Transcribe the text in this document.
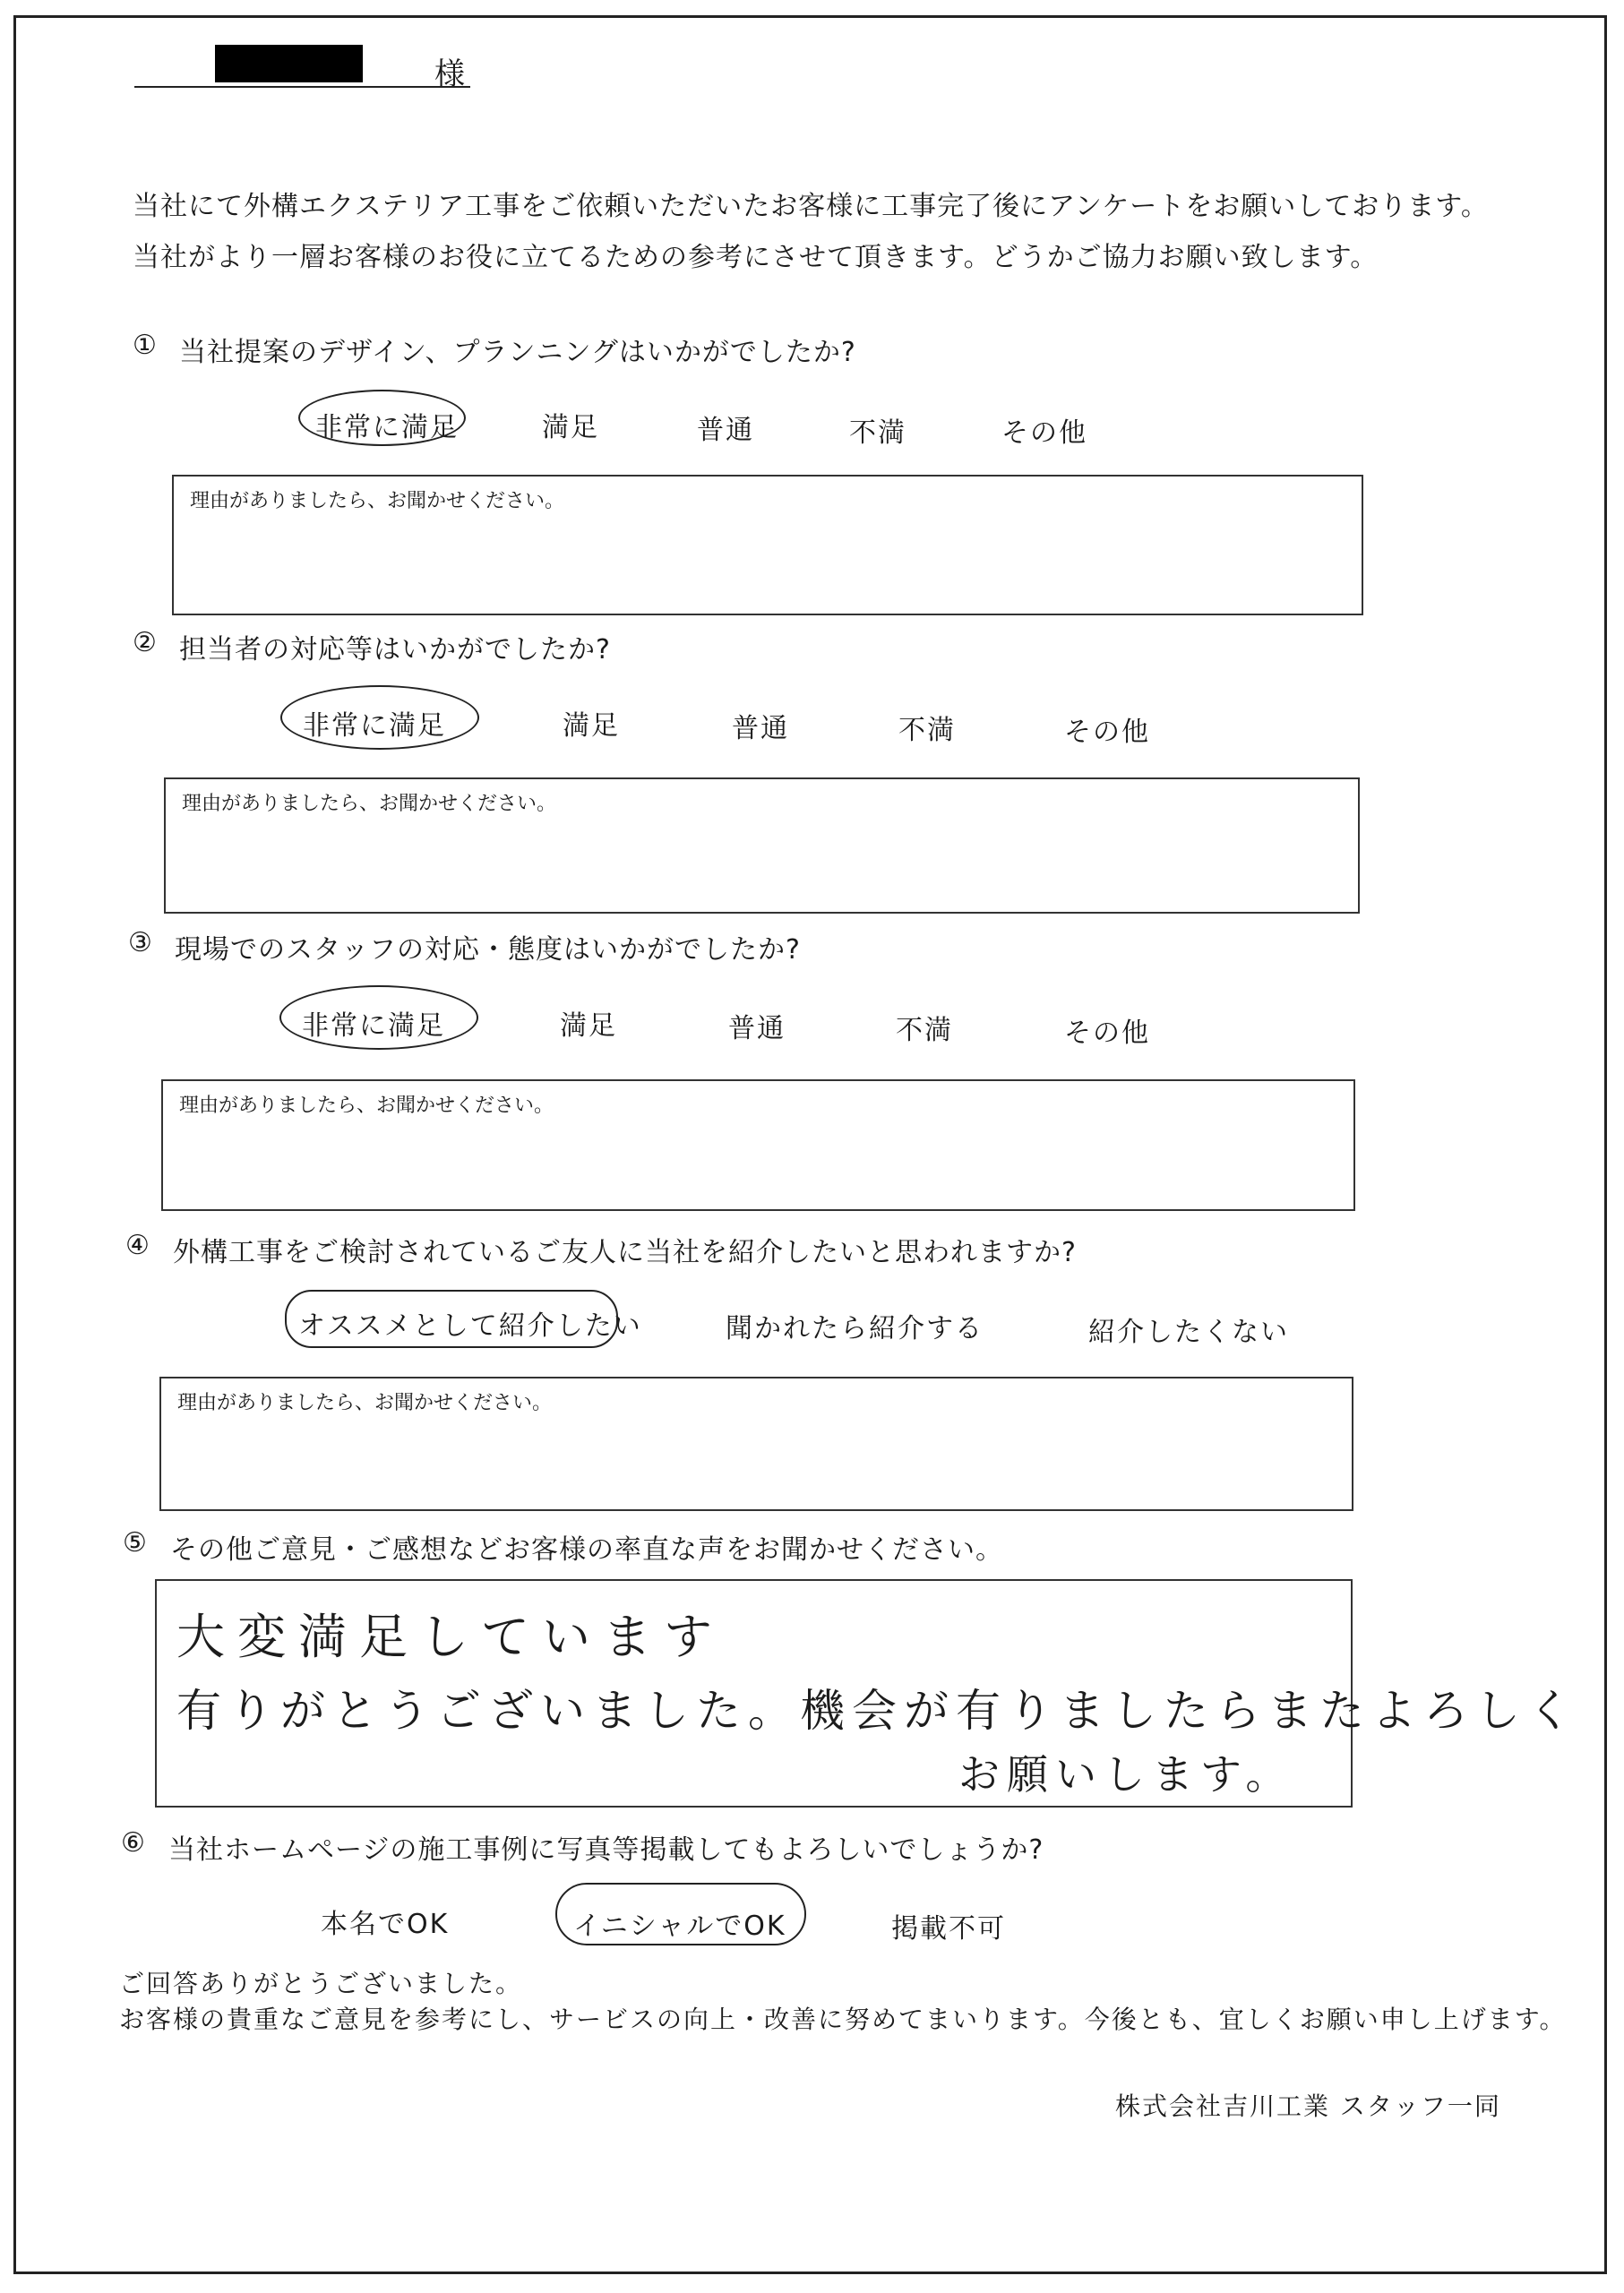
様
当社にて外構エクステリア工事をご依頼いただいたお客様に工事完了後にアンケートをお願いしております。
当社がより一層お客様のお役に立てるための参考にさせて頂きます。どうかご協力お願い致します。
① 当社提案のデザイン、プランニングはいかがでしたか?
非常に満足	満足	普通	不満	その他
理由がありましたら、お聞かせください。
② 担当者の対応等はいかがでしたか?
非常に満足	満足	普通	不満	その他
理由がありましたら、お聞かせください。
③ 現場でのスタッフの対応・態度はいかがでしたか?
非常に満足	満足	普通	不満	その他
理由がありましたら、お聞かせください。
④ 外構工事をご検討されているご友人に当社を紹介したいと思われますか?
オススメとして紹介したい	聞かれたら紹介する	紹介したくない
理由がありましたら、お聞かせください。
⑤ その他ご意見・ご感想などお客様の率直な声をお聞かせください。
大変満足しています
有りがとうございました。機会が有りましたらまたよろしく
お願いします。
⑥ 当社ホームページの施工事例に写真等掲載してもよろしいでしょうか?
本名でOK	イニシャルでOK	掲載不可
ご回答ありがとうございました。
お客様の貴重なご意見を参考にし、サービスの向上・改善に努めてまいります。今後とも、宜しくお願い申し上げます。
株式会社吉川工業 スタッフ一同
